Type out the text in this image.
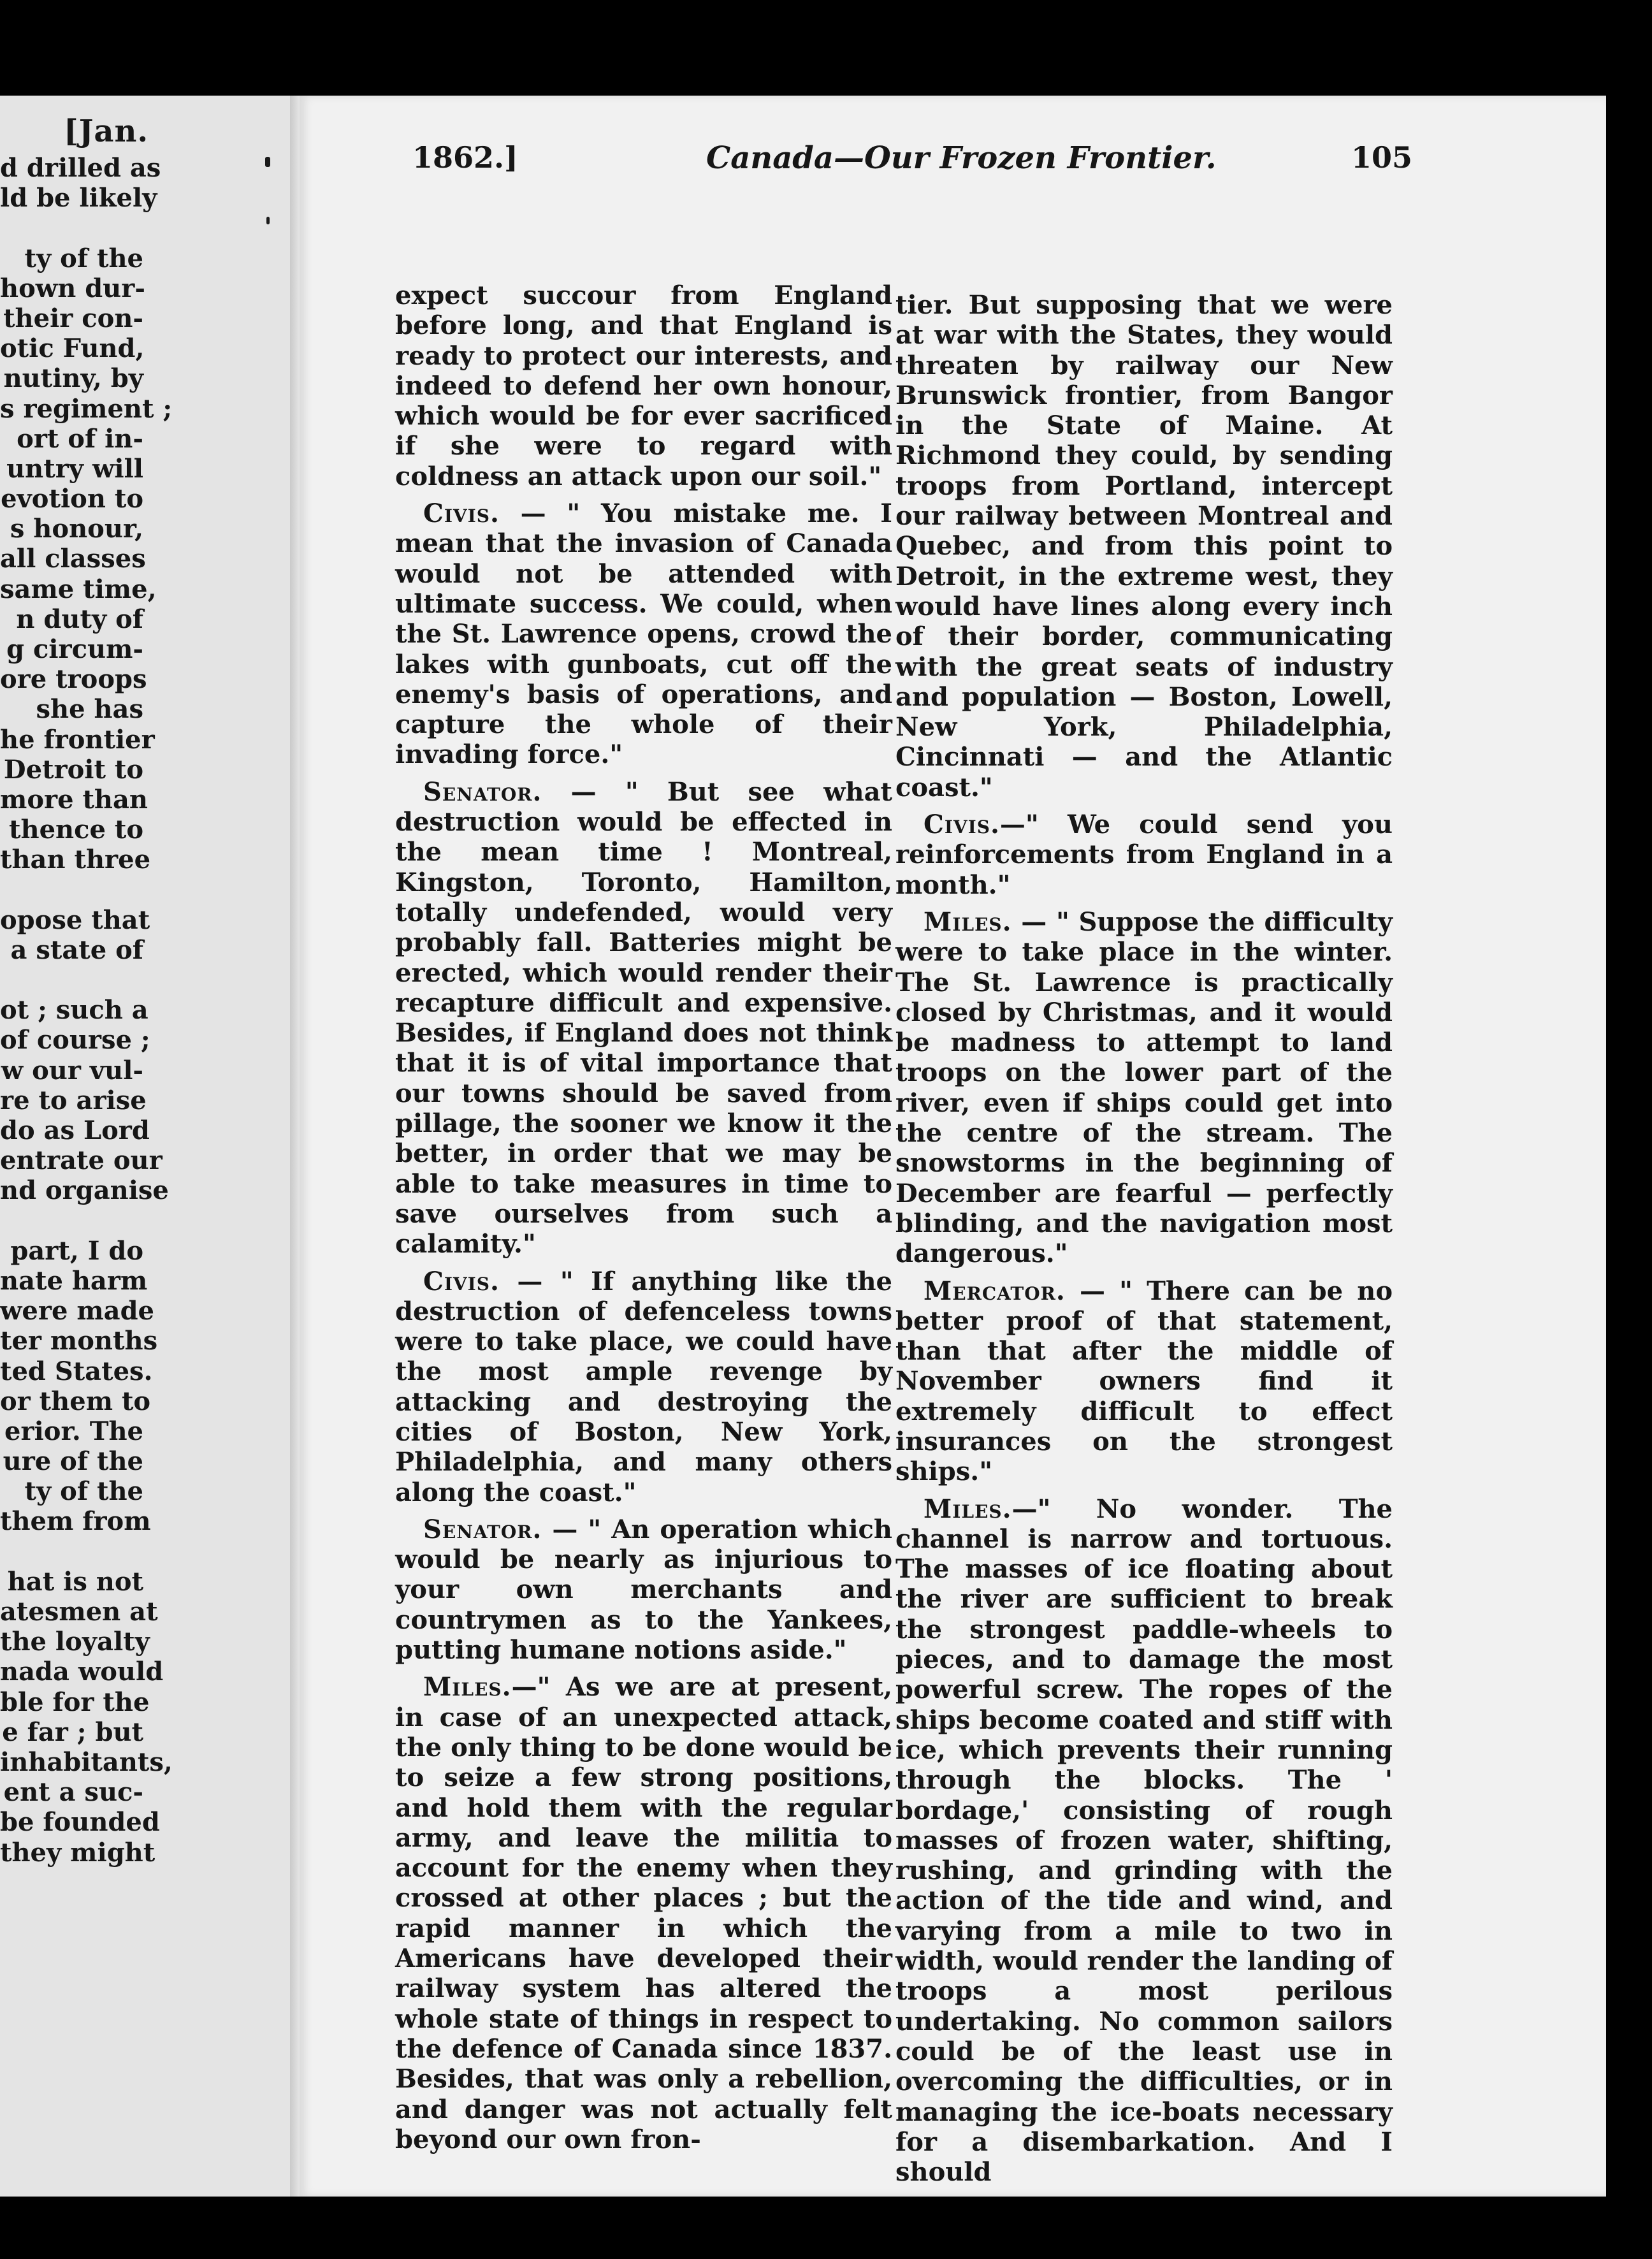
[Jan.
d drilled as
ld be likely
ty of the
hown dur-
their con-
otic Fund,
nutiny, by
s regiment ;
ort of in-
untry will
evotion to
s honour,
all classes
same time,
n duty of
g circum-
ore troops
she has
he frontier
Detroit to
more than
thence to
than three
opose that
a state of
ot ; such a
of course ;
w our vul-
re to arise
do as Lord
entrate our
nd organise
part, I do
nate harm
were made
ter months
ted States.
or them to
erior. The
ure of the
ty of the
them from
hat is not
atesmen at
the loyalty
nada would
ble for the
e far ; but
inhabitants,
ent a suc-
be founded
they might
1862.]	Canada—Our Frozen Frontier.	105

expect succour from England before long, and that England is ready to protect our interests, and indeed to defend her own honour, which would be for ever sacrificed if she were to regard with coldness an attack upon our soil."

Civis. — " You mistake me. I mean that the invasion of Canada would not be attended with ultimate success. We could, when the St. Lawrence opens, crowd the lakes with gunboats, cut off the enemy's basis of operations, and capture the whole of their invading force."

Senator. — " But see what destruction would be effected in the mean time ! Montreal, Kingston, Toronto, Hamilton, totally undefended, would very probably fall. Batteries might be erected, which would render their recapture difficult and expensive. Besides, if England does not think that it is of vital importance that our towns should be saved from pillage, the sooner we know it the better, in order that we may be able to take measures in time to save ourselves from such a calamity."

Civis. — " If anything like the destruction of defenceless towns were to take place, we could have the most ample revenge by attacking and destroying the cities of Boston, New York, Philadelphia, and many others along the coast."

Senator. — " An operation which would be nearly as injurious to your own merchants and countrymen as to the Yankees, putting humane notions aside."

Miles.—" As we are at present, in case of an unexpected attack, the only thing to be done would be to seize a few strong positions, and hold them with the regular army, and leave the militia to account for the enemy when they crossed at other places ; but the rapid manner in which the Americans have developed their railway system has altered the whole state of things in respect to the defence of Canada since 1837. Besides, that was only a rebellion, and danger was not actually felt beyond our own fron-

tier. But supposing that we were at war with the States, they would threaten by railway our New Brunswick frontier, from Bangor in the State of Maine. At Richmond they could, by sending troops from Portland, intercept our railway between Montreal and Quebec, and from this point to Detroit, in the extreme west, they would have lines along every inch of their border, communicating with the great seats of industry and population — Boston, Lowell, New York, Philadelphia, Cincinnati — and the Atlantic coast."

Civis.—" We could send you reinforcements from England in a month."

Miles. — " Suppose the difficulty were to take place in the winter. The St. Lawrence is practically closed by Christmas, and it would be madness to attempt to land troops on the lower part of the river, even if ships could get into the centre of the stream. The snowstorms in the beginning of December are fearful — perfectly blinding, and the navigation most dangerous."

Mercator. — " There can be no better proof of that statement, than that after the middle of November owners find it extremely difficult to effect insurances on the strongest ships."

Miles.—" No wonder. The channel is narrow and tortuous. The masses of ice floating about the river are sufficient to break the strongest paddle-wheels to pieces, and to damage the most powerful screw. The ropes of the ships become coated and stiff with ice, which prevents their running through the blocks. The ' bordage,' consisting of rough masses of frozen water, shifting, rushing, and grinding with the action of the tide and wind, and varying from a mile to two in width, would render the landing of troops a most perilous undertaking. No common sailors could be of the least use in overcoming the difficulties, or in managing the ice-boats necessary for a disembarkation. And I should
